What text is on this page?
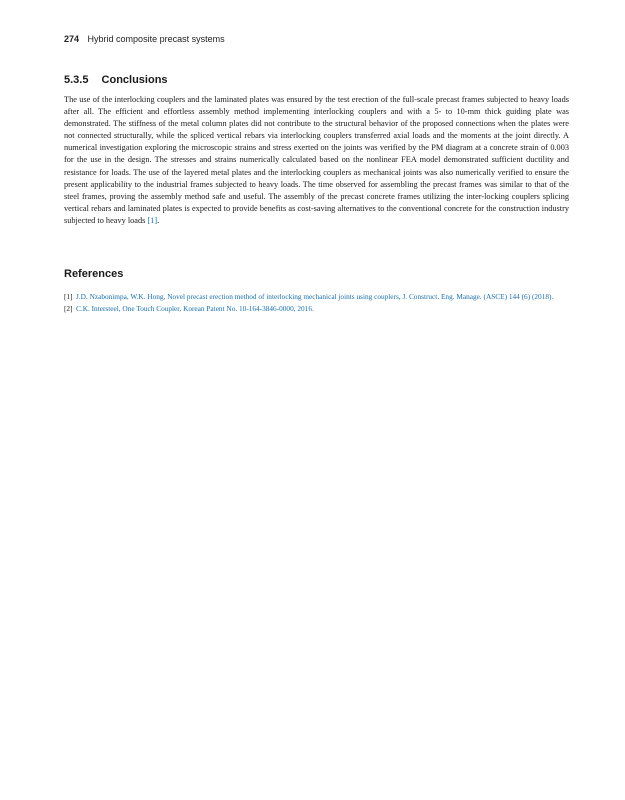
274 Hybrid composite precast systems
5.3.5 Conclusions

The use of the interlocking couplers and the laminated plates was ensured by the test erection of the full-scale precast frames subjected to heavy loads after all. The efficient and effortless assembly method implementing interlocking couplers and with a 5- to 10-mm thick guiding plate was demonstrated. The stiffness of the metal column plates did not contribute to the structural behavior of the proposed connections when the plates were not connected structurally, while the spliced vertical rebars via interlocking couplers transferred axial loads and the moments at the joint directly. A numerical investigation exploring the microscopic strains and stress exerted on the joints was verified by the PM diagram at a concrete strain of 0.003 for the use in the design. The stresses and strains numerically calculated based on the nonlinear FEA model demonstrated sufficient ductility and resistance for loads. The use of the layered metal plates and the interlocking couplers as mechanical joints was also numerically verified to ensure the present applicability to the industrial frames subjected to heavy loads. The time observed for assembling the precast frames was similar to that of the steel frames, proving the assembly method safe and useful. The assembly of the precast concrete frames utilizing the inter-locking couplers splicing vertical rebars and laminated plates is expected to provide benefits as cost-saving alternatives to the conventional concrete for the construction industry subjected to heavy loads [1].

References
[1] J.D. Nzabonimpa, W.K. Hong, Novel precast erection method of interlocking mechanical joints using couplers, J. Construct. Eng. Manage. (ASCE) 144 (6) (2018).
[2] C.K. Intersteel, One Touch Coupler, Korean Patent No. 10-164-3846-0000, 2016.
